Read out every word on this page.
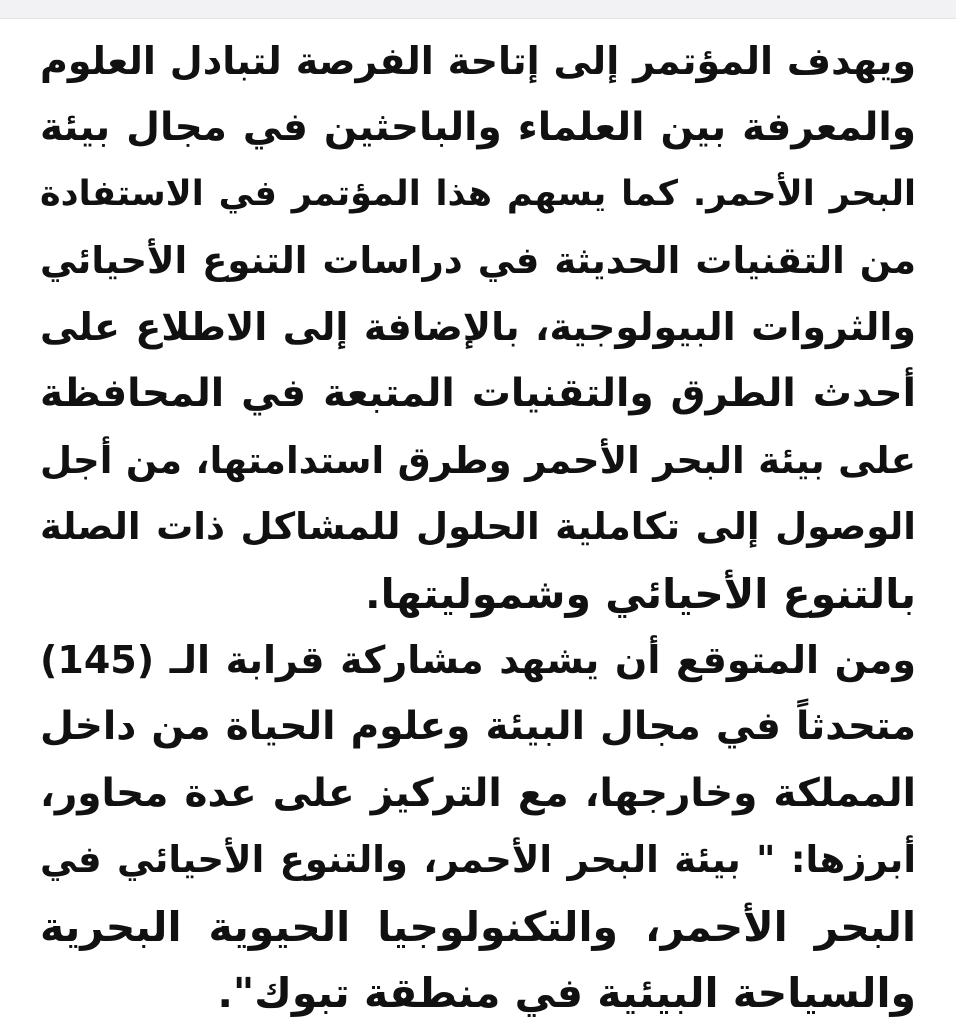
ويهدف المؤتمر إلى إتاحة الفرصة لتبادل العلوم
والمعرفة بين العلماء والباحثين في مجال بيئة
البحر الأحمر. كما يسهم هذا المؤتمر في الاستفادة
من التقنيات الحديثة في دراسات التنوع الأحيائي
والثروات البيولوجية، بالإضافة إلى الاطلاع على
أحدث الطرق والتقنيات المتبعة في المحافظة
على بيئة البحر الأحمر وطرق استدامتها، من أجل
الوصول إلى تكاملية الحلول للمشاكل ذات الصلة
بالتنوع الأحيائي وشموليتها.
ومن المتوقع أن يشهد مشاركة قرابة الـ (145)
متحدثاً في مجال البيئة وعلوم الحياة من داخل
المملكة وخارجها، مع التركيز على عدة محاور،
أبرزها: " بيئة البحر الأحمر، والتنوع الأحيائي في
البحر الأحمر، والتكنولوجيا الحيوية البحرية
والسياحة البيئية في منطقة تبوك".
